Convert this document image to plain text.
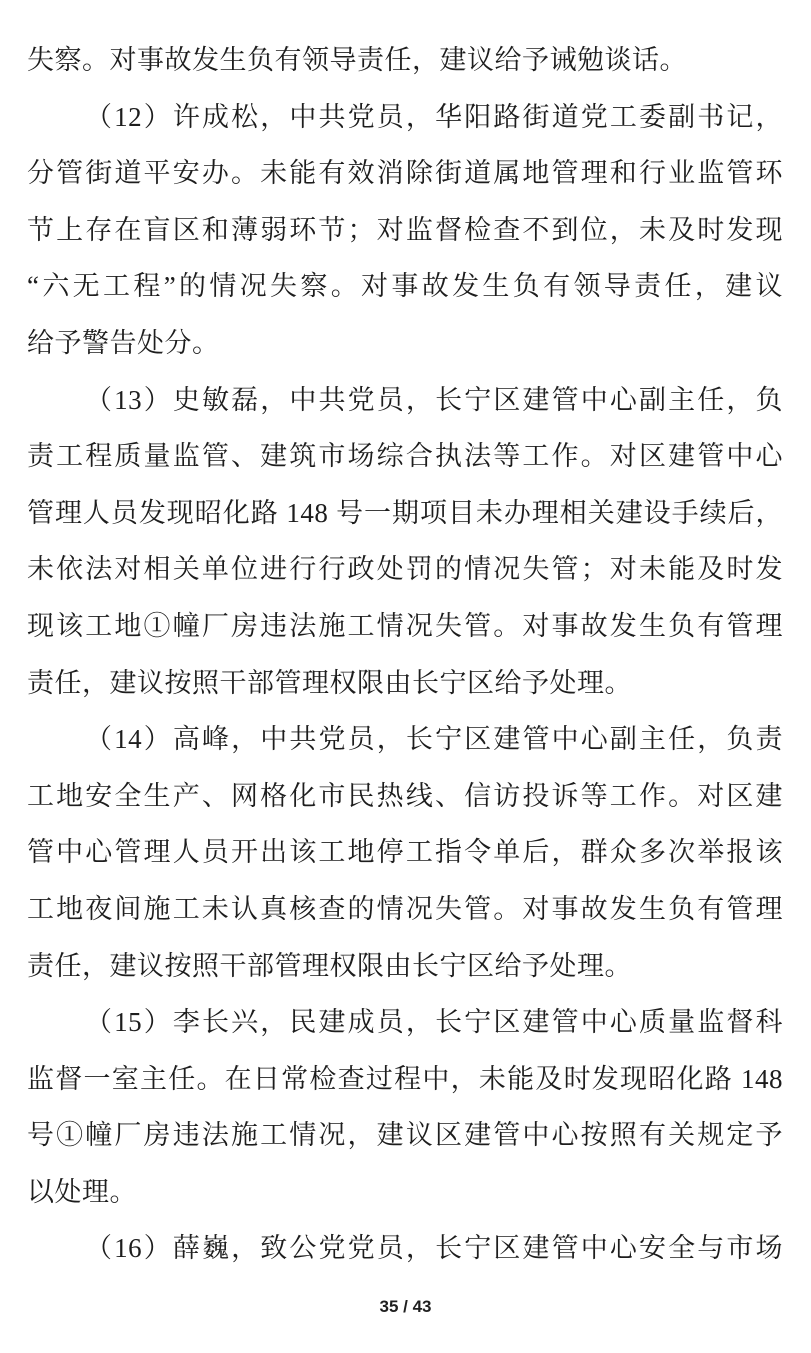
失察。对事故发生负有领导责任，建议给予诫勉谈话。
（12）许成松，中共党员，华阳路街道党工委副书记，
分管街道平安办。未能有效消除街道属地管理和行业监管环
节上存在盲区和薄弱环节；对监督检查不到位，未及时发现
“六无工程”的情况失察。对事故发生负有领导责任，建议
给予警告处分。
（13）史敏磊，中共党员，长宁区建管中心副主任，负
责工程质量监管、建筑市场综合执法等工作。对区建管中心
管理人员发现昭化路 148 号一期项目未办理相关建设手续后，
未依法对相关单位进行行政处罚的情况失管；对未能及时发
现该工地①幢厂房违法施工情况失管。对事故发生负有管理
责任，建议按照干部管理权限由长宁区给予处理。
（14）高峰，中共党员，长宁区建管中心副主任，负责
工地安全生产、网格化市民热线、信访投诉等工作。对区建
管中心管理人员开出该工地停工指令单后，群众多次举报该
工地夜间施工未认真核查的情况失管。对事故发生负有管理
责任，建议按照干部管理权限由长宁区给予处理。
（15）李长兴，民建成员，长宁区建管中心质量监督科
监督一室主任。在日常检查过程中，未能及时发现昭化路 148
号①幢厂房违法施工情况，建议区建管中心按照有关规定予
以处理。
（16）薛巍，致公党党员，长宁区建管中心安全与市场
35 / 43
